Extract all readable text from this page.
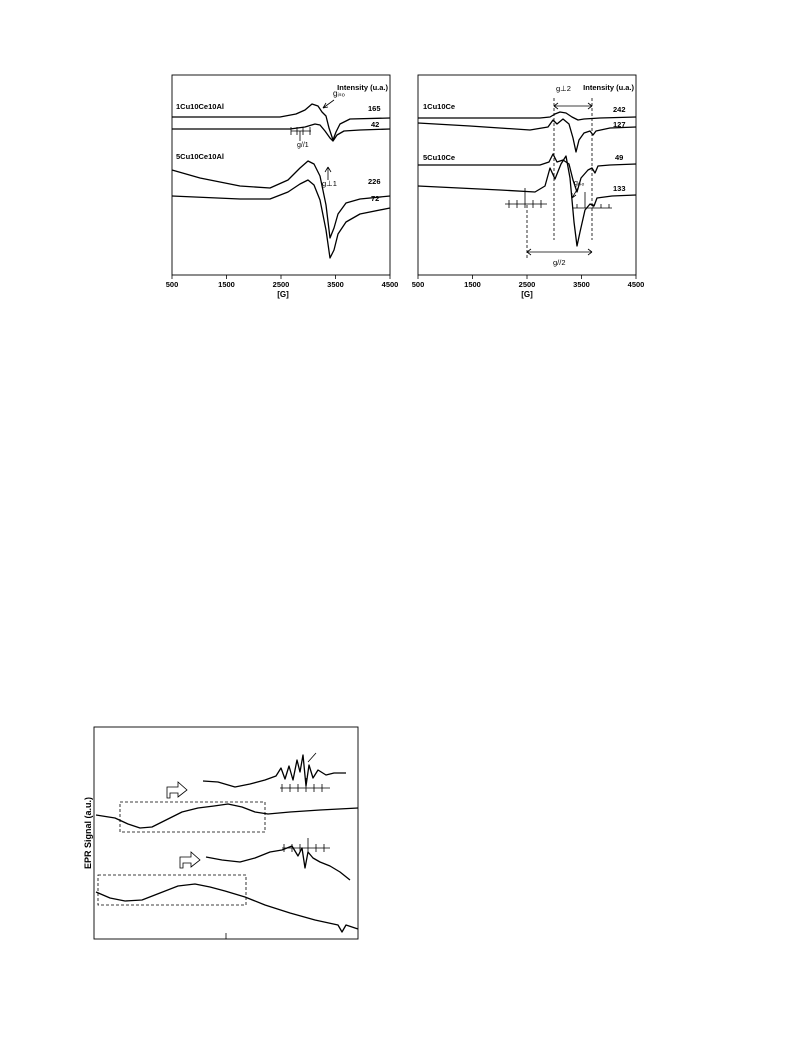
500	1500	2500	3500	4500
[G]
Intensity (u.a.)
1Cu10Ce10Al
5Cu10Ce10Al
165
42
226
72
gᵢₛₒ
g//1
g⊥1
500	1500	2500	3500	4500
[G]
Intensity (u.a.)
1Cu10Ce
5Cu10Ce
242
127
49
133
g⊥2
g//2
gᵢₛₒ
EPR Signal (a.u.)
